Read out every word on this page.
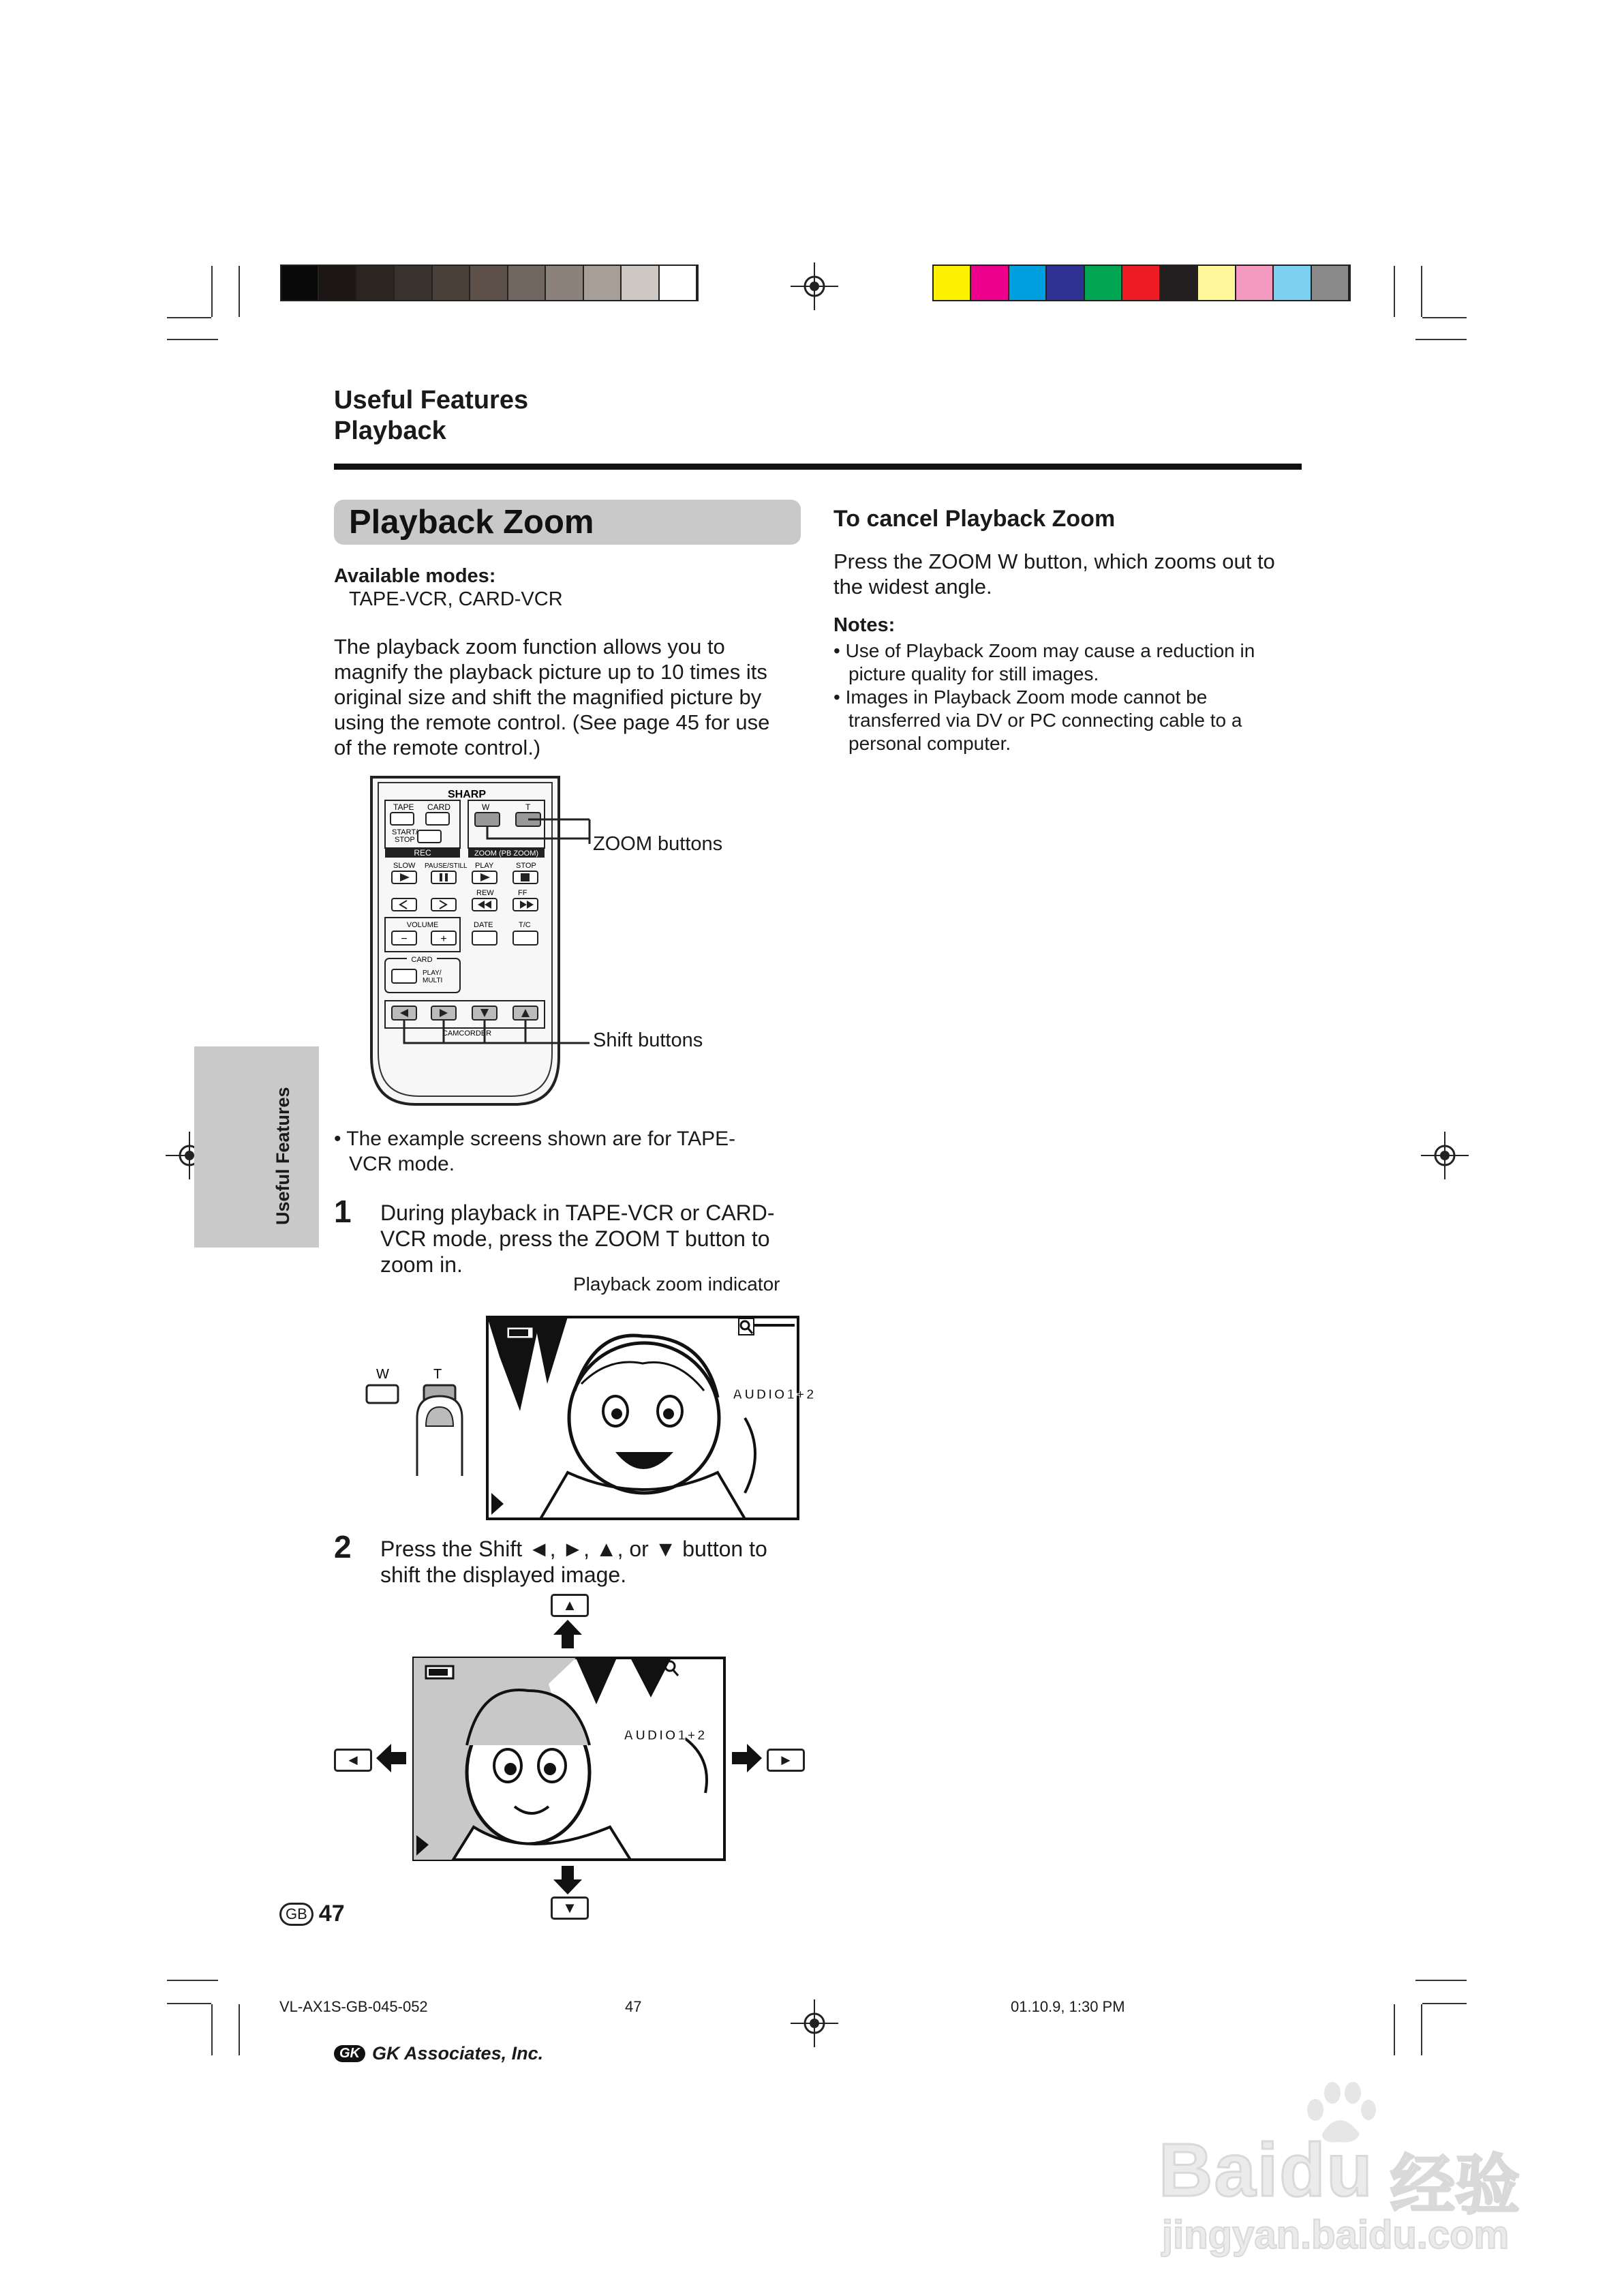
Useful Features
Playback
Playback Zoom
Available modes:
TAPE-VCR, CARD-VCR
The playback zoom function allows you to
magnify the playback picture up to 10 times its
original size and shift the magnified picture by
using the remote control. (See page 45 for use
of the remote control.)
SHARP
TAPE CARD
START/
STOP
REC
W	T
ZOOM (PB ZOOM)
SLOW PAUSE/STILL PLAY	STOP
REW	FF
VOLUME
−	+
DATE	T/C
CARD
PLAY/
MULTI
CAMCORDER
ZOOM buttons
Shift buttons
• The example screens shown are for TAPE-
VCR mode.
1 During playback in TAPE-VCR or CARD-
VCR mode, press the ZOOM T button to
zoom in.
Playback zoom indicator
W	T
AUDIO1+2
2 Press the Shift ◄, ►, ▲, or ▼ button to
shift the displayed image.
▲
▼
◄	►
AUDIO1+2
Useful Features
GB 47
To cancel Playback Zoom
Press the ZOOM W button, which zooms out to
the widest angle.
Notes:
• Use of Playback Zoom may cause a reduction in
picture quality for still images.
• Images in Playback Zoom mode cannot be
transferred via DV or PC connecting cable to a
personal computer.
VL-AX1S-GB-045-052	47	01.10.9, 1:30 PM
GK GK Associates, Inc.
Baidu 经验
jingyan.baidu.com
